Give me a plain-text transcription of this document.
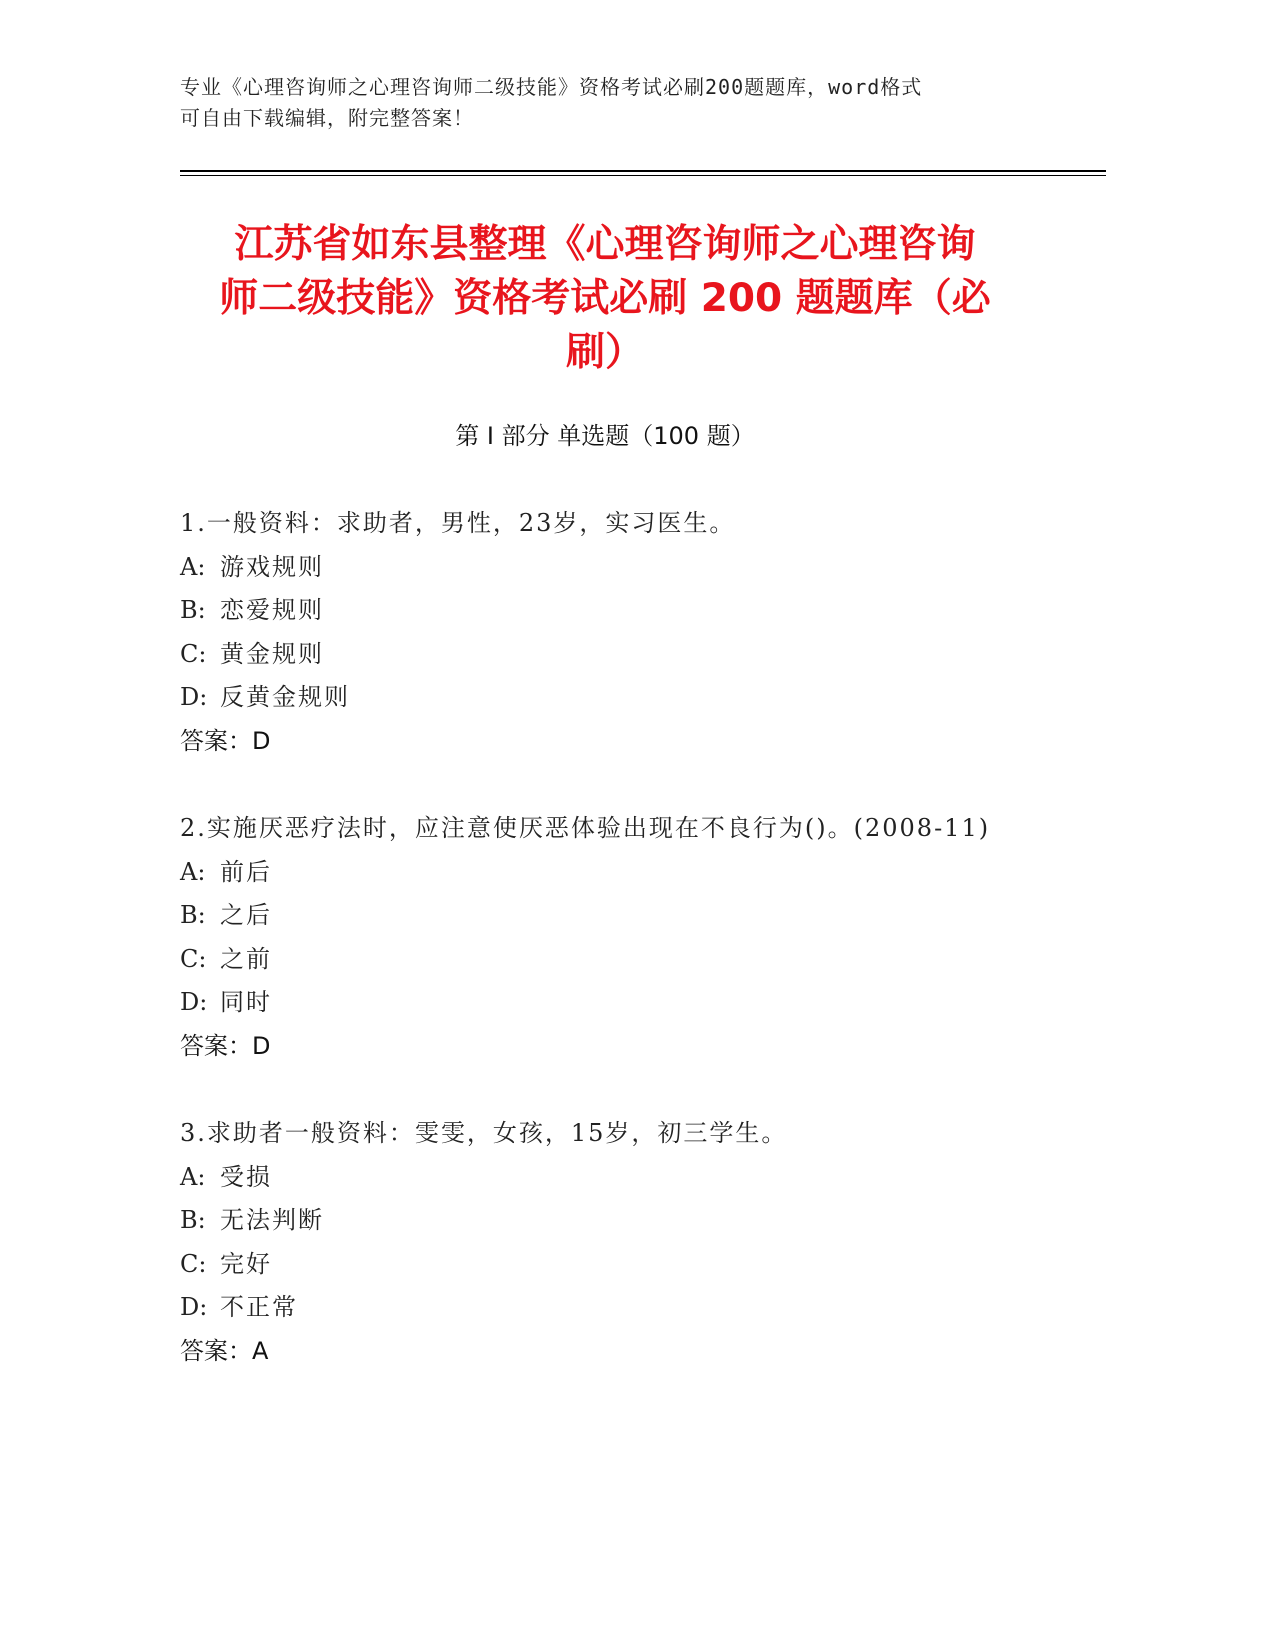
专业《心理咨询师之心理咨询师二级技能》资格考试必刷200题题库，word格式
可自由下载编辑，附完整答案！
江苏省如东县整理《心理咨询师之心理咨询
师二级技能》资格考试必刷 200 题题库（必
刷）
第 I 部分 单选题（100 题）
1.一般资料：求助者，男性，23岁，实习医生。
A: 游戏规则
B: 恋爱规则
C: 黄金规则
D: 反黄金规则
答案：D
2.实施厌恶疗法时，应注意使厌恶体验出现在不良行为()。(2008-11)
A: 前后
B: 之后
C: 之前
D: 同时
答案：D
3.求助者一般资料：雯雯，女孩，15岁，初三学生。
A: 受损
B: 无法判断
C: 完好
D: 不正常
答案：A
